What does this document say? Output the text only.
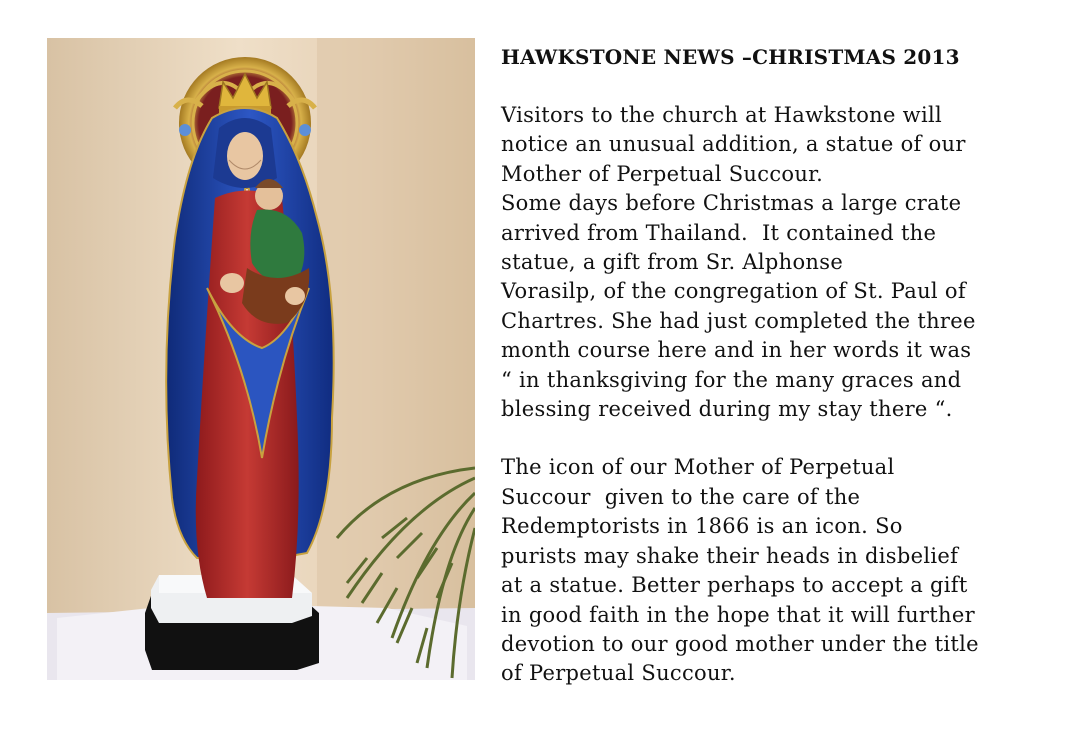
HAWKSTONE NEWS –CHRISTMAS 2013

Visitors to the church at Hawkstone will
notice an unusual addition, a statue of our
Mother of Perpetual Succour.
Some days before Christmas a large crate
arrived from Thailand.  It contained the
statue, a gift from Sr. Alphonse
Vorasilp, of the congregation of St. Paul of
Chartres. She had just completed the three
month course here and in her words it was
“ in thanksgiving for the many graces and
blessing received during my stay there “.

The icon of our Mother of Perpetual
Succour  given to the care of the
Redemptorists in 1866 is an icon. So
purists may shake their heads in disbelief
at a statue. Better perhaps to accept a gift
in good faith in the hope that it will further
devotion to our good mother under the title
of Perpetual Succour.
